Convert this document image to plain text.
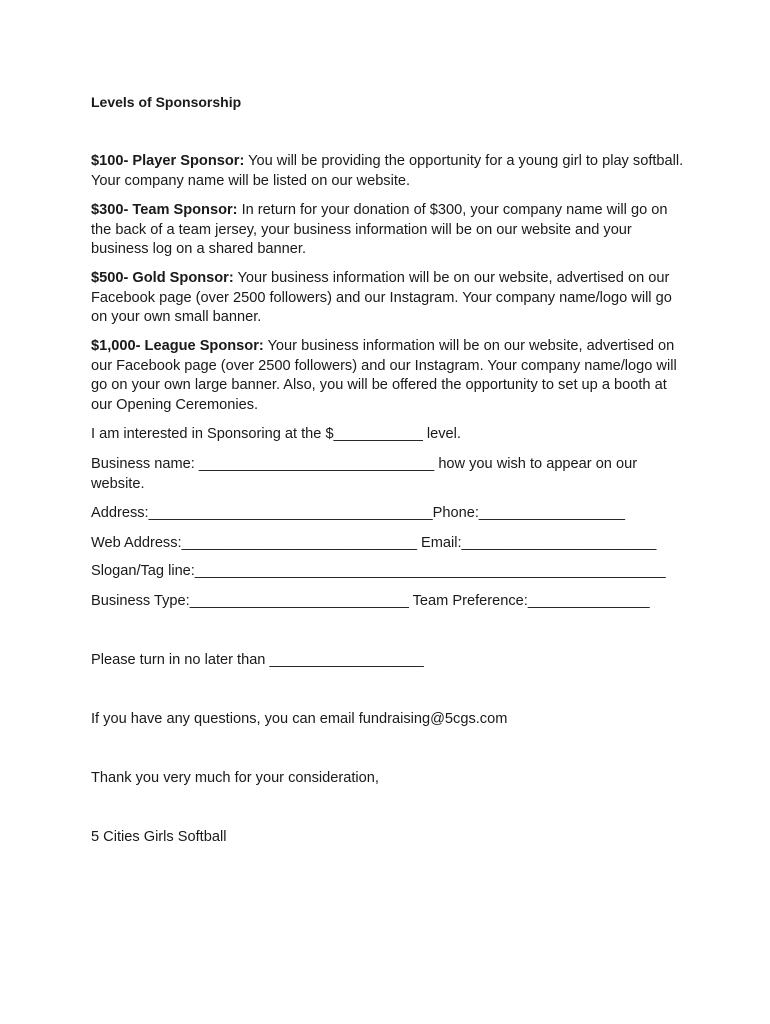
Levels of Sponsorship

$100- Player Sponsor: You will be providing the opportunity for a young girl to play softball. Your company name will be listed on our website.

$300- Team Sponsor: In return for your donation of $300, your company name will go on the back of a team jersey, your business information will be on our website and your business log on a shared banner.

$500- Gold Sponsor: Your business information will be on our website, advertised on our Facebook page (over 2500 followers) and our Instagram. Your company name/logo will go on your own small banner.

$1,000- League Sponsor: Your business information will be on our website, advertised on our Facebook page (over 2500 followers) and our Instagram. Your company name/logo will go on your own large banner. Also, you will be offered the opportunity to set up a booth at our Opening Ceremonies.

I am interested in Sponsoring at the $___________ level.

Business name: _____________________________ how you wish to appear on our website.

Address:___________________________________Phone:__________________

Web Address:_____________________________ Email:________________________

Slogan/Tag line:__________________________________________________________

Business Type:___________________________ Team Preference:_______________

Please turn in no later than ___________________

If you have any questions, you can email fundraising@5cgs.com

Thank you very much for your consideration,

5 Cities Girls Softball
